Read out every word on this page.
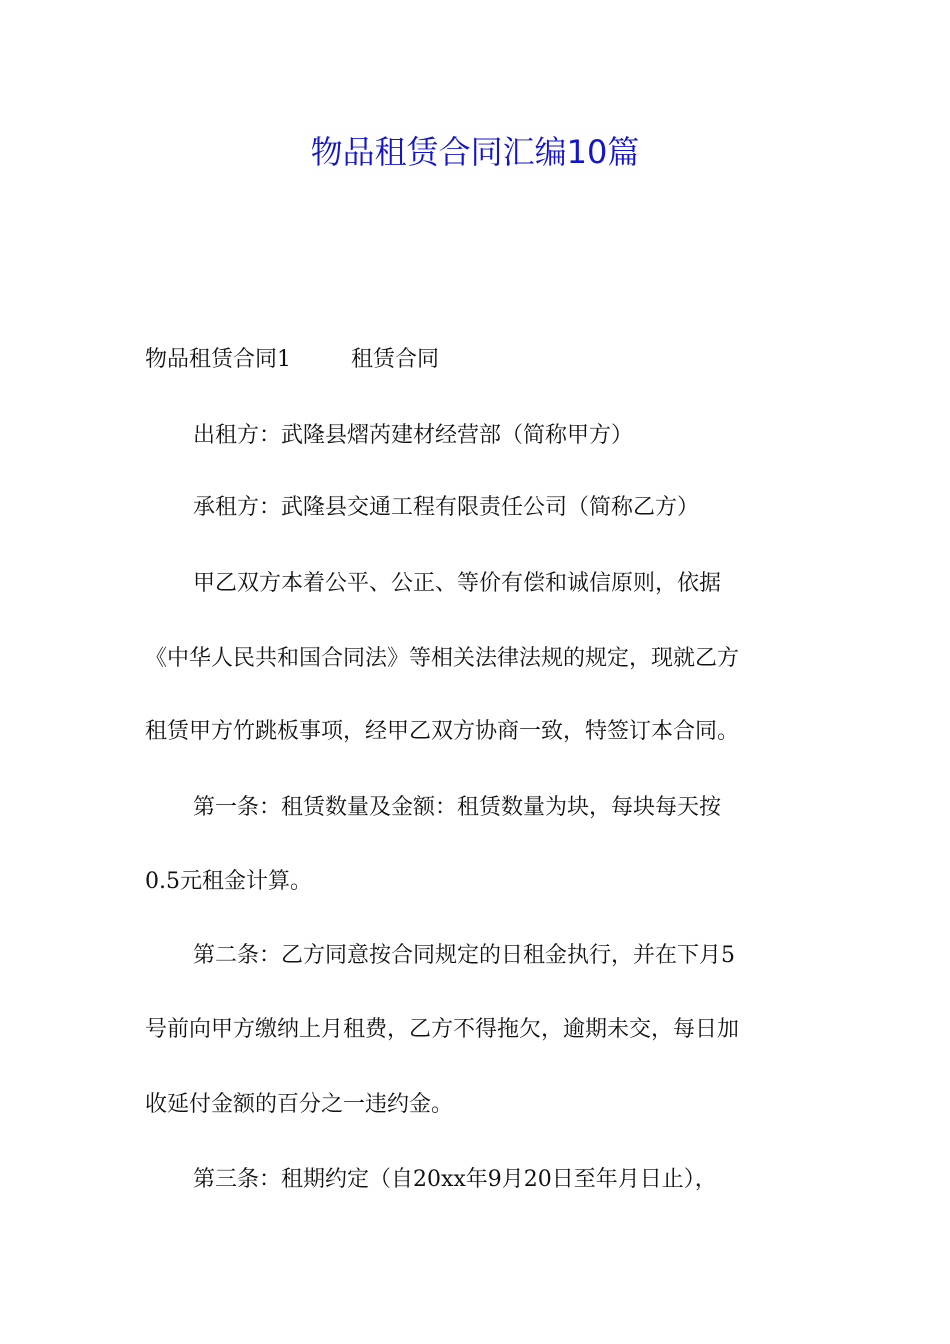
物品租赁合同汇编10篇

物品租赁合同1	租赁合同

出租方：武隆县熠芮建材经营部（简称甲方）

承租方：武隆县交通工程有限责任公司（简称乙方）

甲乙双方本着公平、公正、等价有偿和诚信原则，依据

《中华人民共和国合同法》等相关法律法规的规定，现就乙方

租赁甲方竹跳板事项，经甲乙双方协商一致，特签订本合同。

第一条：租赁数量及金额：租赁数量为块，每块每天按

0.5元租金计算。

第二条：乙方同意按合同规定的日租金执行，并在下月5

号前向甲方缴纳上月租费，乙方不得拖欠，逾期未交，每日加

收延付金额的百分之一违约金。

第三条：租期约定（自20xx年9月20日至年月日止），
